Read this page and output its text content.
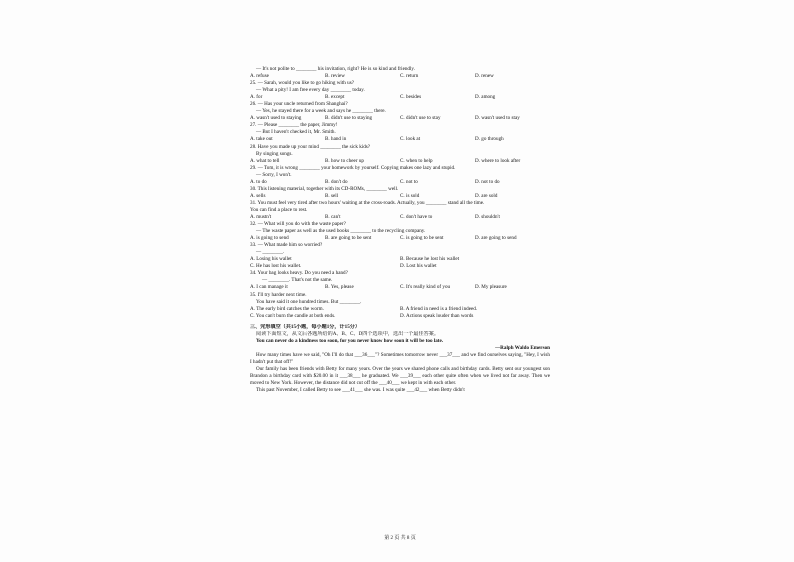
— It's not polite to ________ his invitation, right? He is so kind and friendly.
A. refuse	B. review	C. return	D. renew
25. — Sarah, would you like to go hiking with us?
— What a pity! I am free every day ________ today.
A. for	B. except	C. besides	D. among
26. — Has your uncle returned from Shanghai?
— Yes, he stayed there for a week and says he ________ there.
A. wasn't used to staying	B. didn't use to staying	C. didn't use to stay	D. wasn't used to stay
27. — Please ________ the paper, Jimmy!
— But I haven't checked it, Mr. Smith.
A. take out	B. hand in	C. look at	D. go through
28. Have you made up your mind ________ the sick kids?
By singing songs.
A. what to tell	B. how to cheer up	C. when to help	D. where to look after
29. — Tom, it is wrong ________ your homework by yourself. Copying makes one lazy and stupid.
— Sorry, I won't.
A. to do	B. don't do	C. not to	D. not to do
30. This listening material, together with its CD-ROMs, ________ well.
A. sells	B. sell	C. is sold	D. are sold
31. You must feel very tired after two hours' waiting at the cross-roads. Actually, you ________ stand all the time.
You can find a place to rest.
A. mustn't	B. can't	C. don't have to	D. shouldn't
32. — What will you do with the waste paper?
— The waste paper as well as the used books ________ to the recycling company.
A. is going to send	B. are going to be sent	C. is going to be sent	D. are going to send
33. — What made him so worried?
— ________.
A. Losing his wallet	B. Because he lost his wallet
C. He has lost his wallet.	D. Lost his wallet
34. Your bag looks heavy. Do you need a hand?
— ________. That's not the same.
A. I can manage it	B. Yes, please	C. It's really kind of you	D. My pleasure
35. I'll try harder next time.
You have said it one hundred times. But ________.
A. The early bird catches the worm.	B. A friend in need is a friend indeed.
C. You can't burn the candle at both ends.	D. Actions speak louder than words
三、完形填空（共15小题，每小题1分，计15分）
阅读下面短文，从文后各题所给的A、B、C、D四个选项中，选出一个最佳答案。
You can never do a kindness too soon, for you never know how soon it will be too late.
—Ralph Waldo Emerson
How many times have we said, "Oh I'll do that ___36___"? Sometimes tomorrow never ___37___ and we find ourselves saying, "Hey, I wish I hadn't put that off!"
Our family has been friends with Betty for many years. Over the years we shared phone calls and birthday cards. Betty sent our youngest son Brandon a birthday card with $20.00 in it ___38___ he graduated. We ___39___ each other quite often when we lived not far away. Then we moved to New York. However, the distance did not cut off the ___40___ we kept in with each other.
This past November, I called Betty to see ___41___ she was. I was quite ___42___ when Betty didn't
第 2 页 共 8 页
